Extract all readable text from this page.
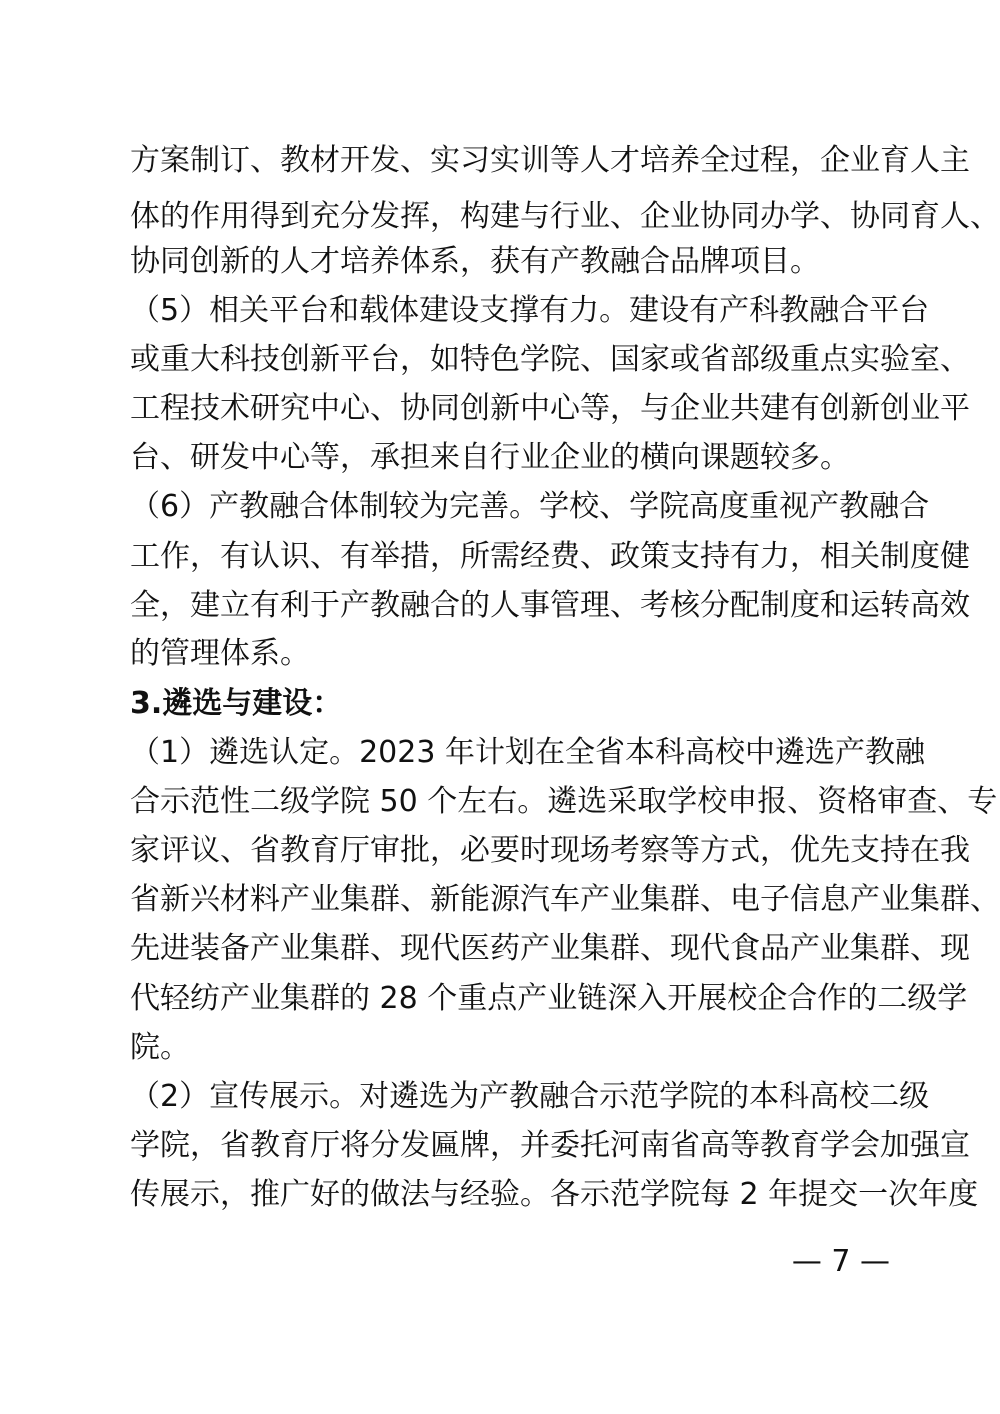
方案制订、教材开发、实习实训等人才培养全过程，企业育人主
体的作用得到充分发挥，构建与行业、企业协同办学、协同育人、
协同创新的人才培养体系，获有产教融合品牌项目。
（5）相关平台和载体建设支撑有力。建设有产科教融合平台
或重大科技创新平台，如特色学院、国家或省部级重点实验室、
工程技术研究中心、协同创新中心等，与企业共建有创新创业平
台、研发中心等，承担来自行业企业的横向课题较多。
（6）产教融合体制较为完善。学校、学院高度重视产教融合
工作，有认识、有举措，所需经费、政策支持有力，相关制度健
全，建立有利于产教融合的人事管理、考核分配制度和运转高效
的管理体系。
3.遴选与建设：
（1）遴选认定。2023 年计划在全省本科高校中遴选产教融
合示范性二级学院 50 个左右。遴选采取学校申报、资格审查、专
家评议、省教育厅审批，必要时现场考察等方式，优先支持在我
省新兴材料产业集群、新能源汽车产业集群、电子信息产业集群、
先进装备产业集群、现代医药产业集群、现代食品产业集群、现
代轻纺产业集群的 28 个重点产业链深入开展校企合作的二级学
院。
（2）宣传展示。对遴选为产教融合示范学院的本科高校二级
学院，省教育厅将分发匾牌，并委托河南省高等教育学会加强宣
传展示，推广好的做法与经验。各示范学院每 2 年提交一次年度
— 7 —
